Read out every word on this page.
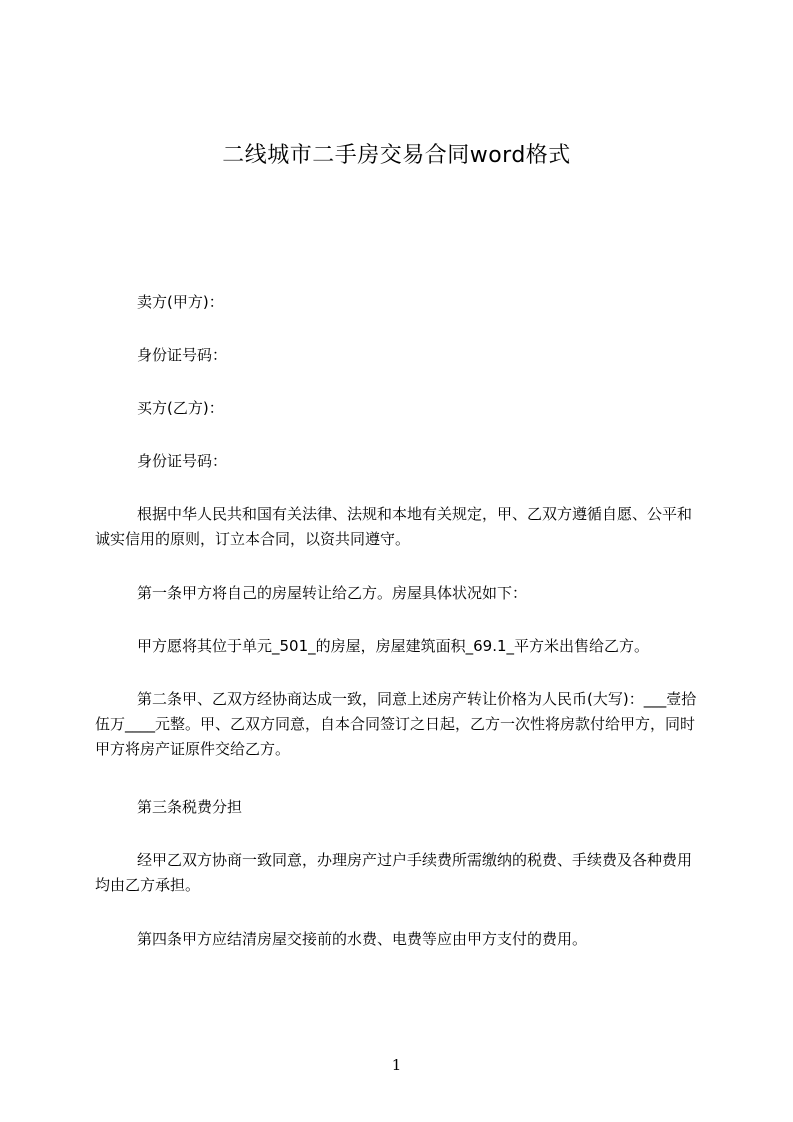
二线城市二手房交易合同word格式

卖方(甲方)：

身份证号码：

买方(乙方)：

身份证号码：

根据中华人民共和国有关法律、法规和本地有关规定，甲、乙双方遵循自愿、公平和诚实信用的原则，订立本合同，以资共同遵守。

第一条甲方将自己的房屋转让给乙方。房屋具体状况如下：

甲方愿将其位于单元_501_的房屋，房屋建筑面积_69.1_平方米出售给乙方。

第二条甲、乙双方经协商达成一致，同意上述房产转让价格为人民币(大写)：___壹拾伍万____元整。甲、乙双方同意，自本合同签订之日起，乙方一次性将房款付给甲方，同时甲方将房产证原件交给乙方。

第三条税费分担

经甲乙双方协商一致同意，办理房产过户手续费所需缴纳的税费、手续费及各种费用均由乙方承担。

第四条甲方应结清房屋交接前的水费、电费等应由甲方支付的费用。

1
